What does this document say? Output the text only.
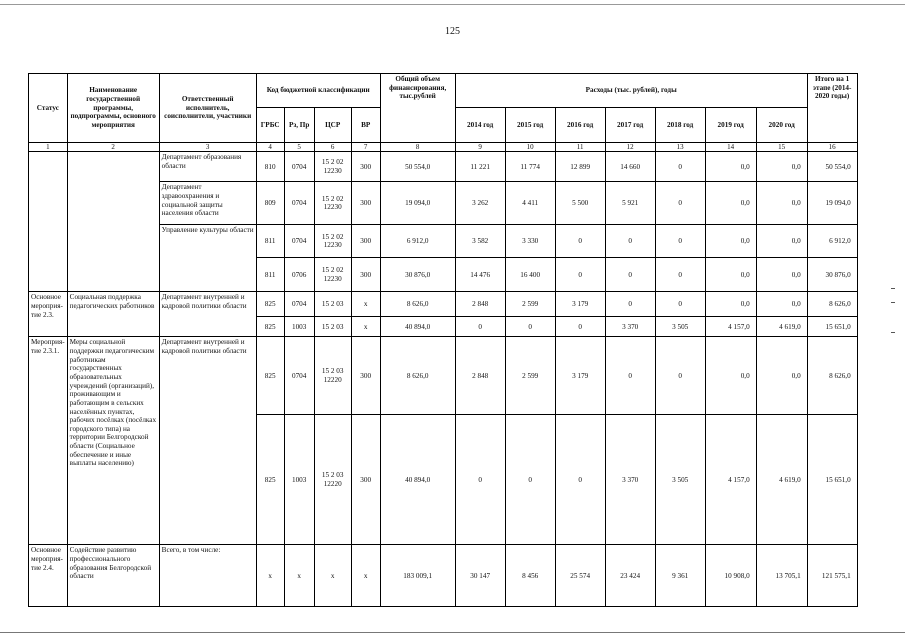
125
Статус	Наименование государственной программы, подпрограммы, основного мероприятия	Ответственный исполнитель, соисполнители, участники	Код бюджетной классификации				Общий объем финансирования, тыс.рублей	Расходы (тыс. рублей), годы							Итого на 1 этапе (2014-2020 годы)
			ГРБС	Рз, Пр	ЦСР	ВР		2014 год	2015 год	2016 год	2017 год	2018 год	2019 год	2020 год	
1	2	3	4	5	6	7	8	9	10	11	12	13	14	15	16
		Департамент образования области	810	0704	15 2 02 12230	300	50 554,0	11 221	11 774	12 899	14 660	0	0,0	0,0	50 554,0
		Департамент здравоохранения и социальной защиты населения области	809	0704	15 2 02 12230	300	19 094,0	3 262	4 411	5 500	5 921	0	0,0	0,0	19 094,0
		Управление культуры области	811	0704	15 2 02 12230	300	6 912,0	3 582	3 330	0	0	0	0,0	0,0	6 912,0
			811	0706	15 2 02 12230	300	30 876,0	14 476	16 400	0	0	0	0,0	0,0	30 876,0
Основное мероприя-тие 2.3.	Социальная поддержка педагогических работников	Департамент внутренней и кадровой политики области	825	0704	15 2 03	х	8 626,0	2 848	2 599	3 179	0	0	0,0	0,0	8 626,0
			825	1003	15 2 03	х	40 894,0	0	0	0	3 370	3 505	4 157,0	4 619,0	15 651,0
Мероприя-тие 2.3.1.	Меры социальной поддержки педагогическим работникам государственных образовательных учреждений (организаций), проживающим и работающим в сельских населённых пунктах, рабочих посёлках (посёлках городского типа) на территории Белгородской области (Социальное обеспечение и иные выплаты населению)	Департамент внутренней и кадровой политики области	825	0704	15 2 03 12220	300	8 626,0	2 848	2 599	3 179	0	0	0,0	0,0	8 626,0
			825	1003	15 2 03 12220	300	40 894,0	0	0	0	3 370	3 505	4 157,0	4 619,0	15 651,0
Основное мероприя-тие 2.4.	Содействие развитию профессионального образования Белгородской области	Всего, в том числе:	х	х	х	х	183 009,1	30 147	8 456	25 574	23 424	9 361	10 908,0	13 705,1	121 575,1
